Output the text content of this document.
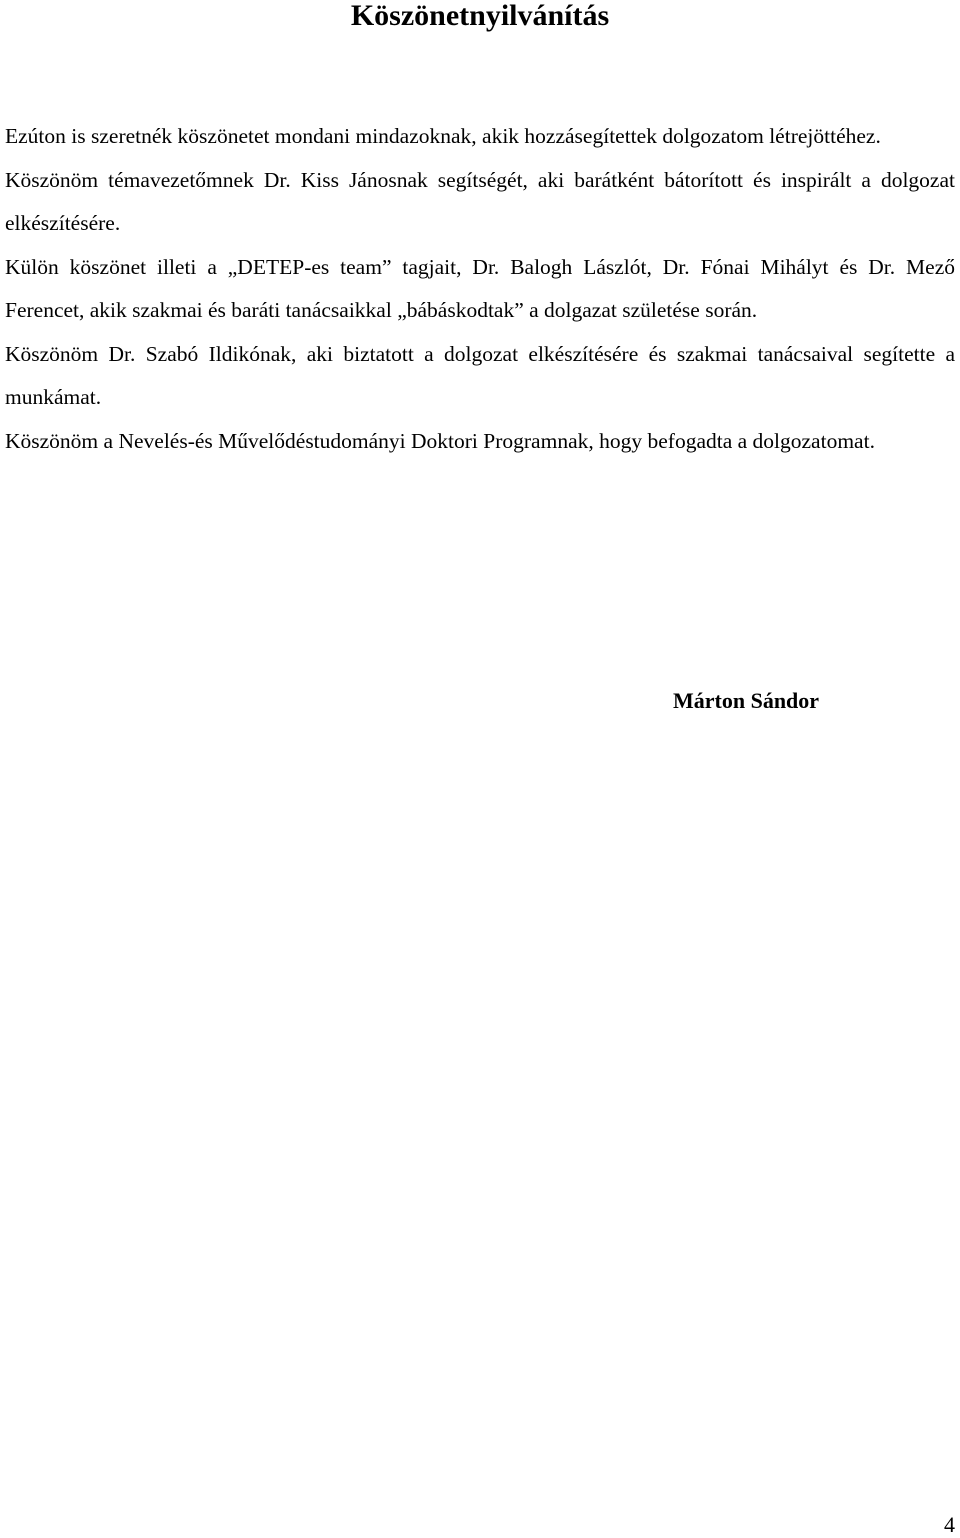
Köszönetnyilvánítás

Ezúton is szeretnék köszönetet mondani mindazoknak, akik hozzásegítettek dolgozatom létrejöttéhez.

Köszönöm témavezetőmnek Dr. Kiss Jánosnak segítségét, aki barátként bátorított és inspirált a dolgozat elkészítésére.

Külön köszönet illeti a „DETEP-es team” tagjait, Dr. Balogh Lászlót, Dr. Fónai Mihályt és Dr. Mező Ferencet, akik szakmai és baráti tanácsaikkal „bábáskodtak” a dolgazat születése során.

Köszönöm Dr. Szabó Ildikónak, aki biztatott a dolgozat elkészítésére és szakmai tanácsaival segítette a munkámat.

Köszönöm a Nevelés-és Művelődéstudományi Doktori Programnak, hogy befogadta a dolgozatomat.

Márton Sándor
4
